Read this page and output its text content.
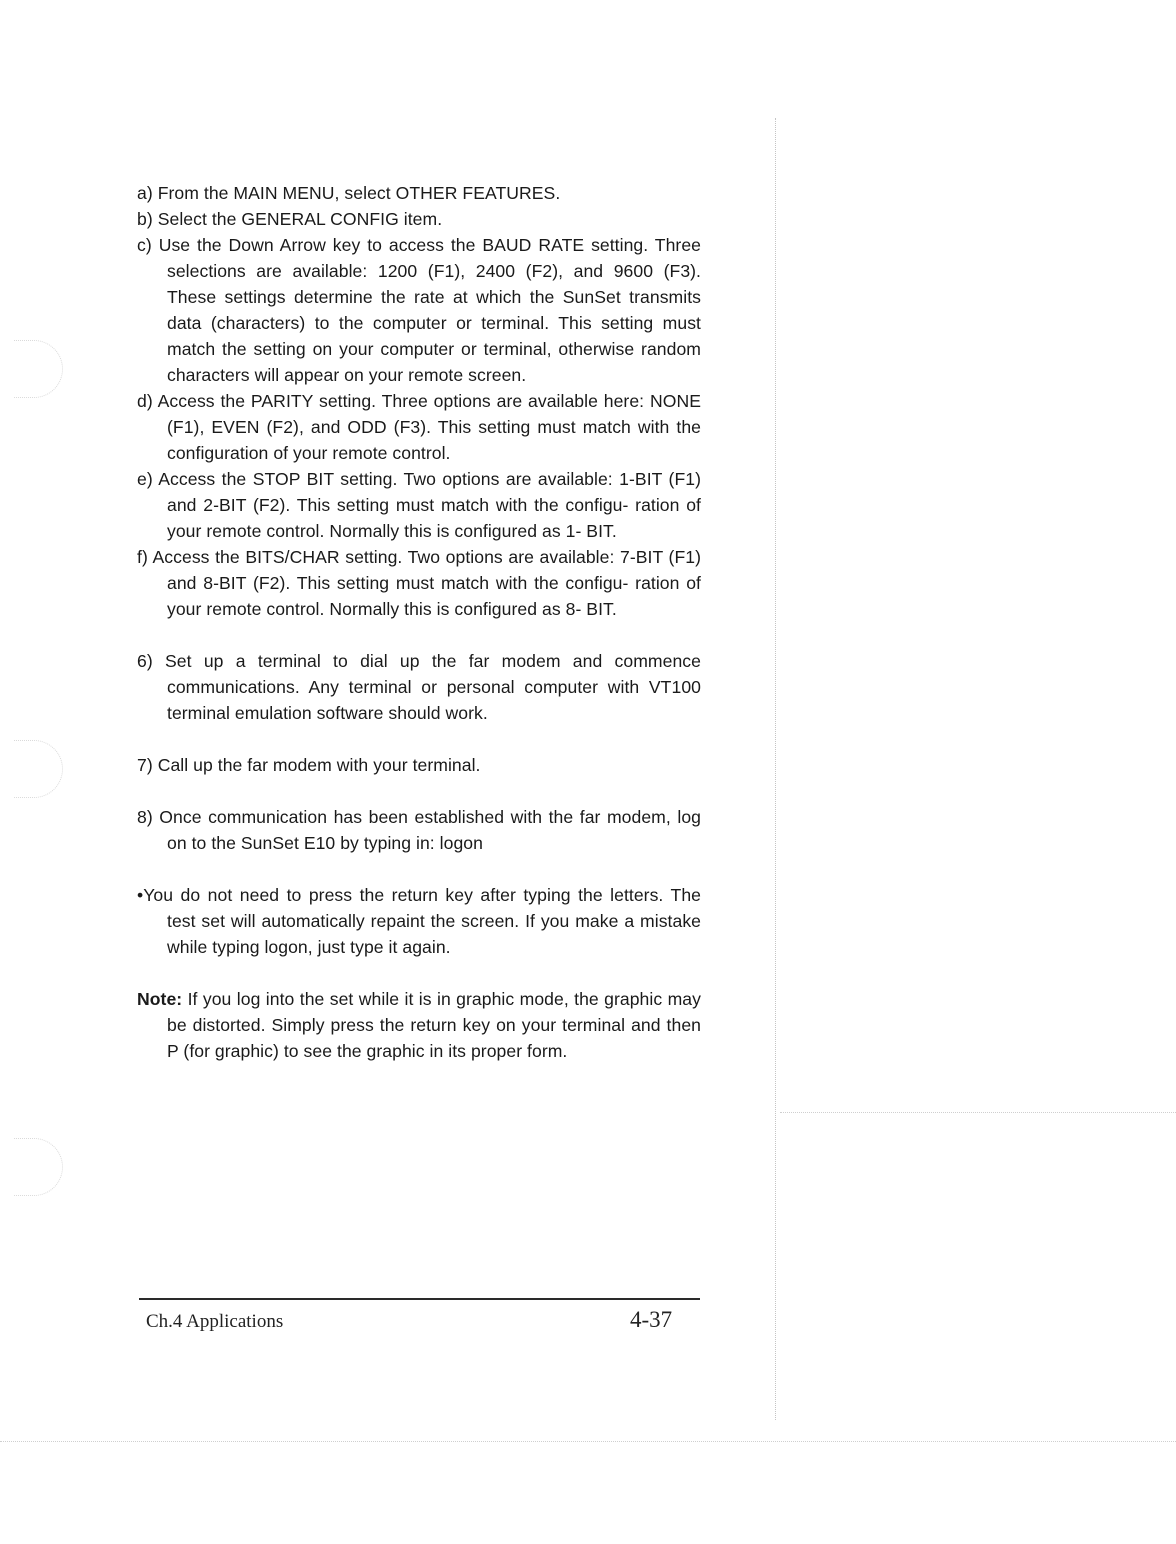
a) From the MAIN MENU, select OTHER FEATURES.

b) Select the GENERAL CONFIG item.

c) Use the Down Arrow key to access the BAUD RATE setting. Three selections are available: 1200 (F1), 2400 (F2), and 9600 (F3). These settings determine the rate at which the SunSet transmits data (characters) to the computer or terminal. This setting must match the setting on your computer or terminal, otherwise random characters will appear on your remote screen.

d) Access the PARITY setting. Three options are available here: NONE (F1), EVEN (F2), and ODD (F3). This setting must match with the configuration of your remote control.

e) Access the STOP BIT setting. Two options are available: 1-BIT (F1) and 2-BIT (F2). This setting must match with the configu- ration of your remote control. Normally this is configured as 1- BIT.

f) Access the BITS/CHAR setting. Two options are available: 7-BIT (F1) and 8-BIT (F2). This setting must match with the configu- ration of your remote control. Normally this is configured as 8- BIT.

6) Set up a terminal to dial up the far modem and commence communications. Any terminal or personal computer with VT100 terminal emulation software should work.

7) Call up the far modem with your terminal.

8) Once communication has been established with the far modem, log on to the SunSet E10 by typing in: logon

•You do not need to press the return key after typing the letters. The test set will automatically repaint the screen. If you make a mistake while typing logon, just type it again.

Note: If you log into the set while it is in graphic mode, the graphic may be distorted. Simply press the return key on your terminal and then P (for graphic) to see the graphic in its proper form.

Ch.4 Applications	4-37
